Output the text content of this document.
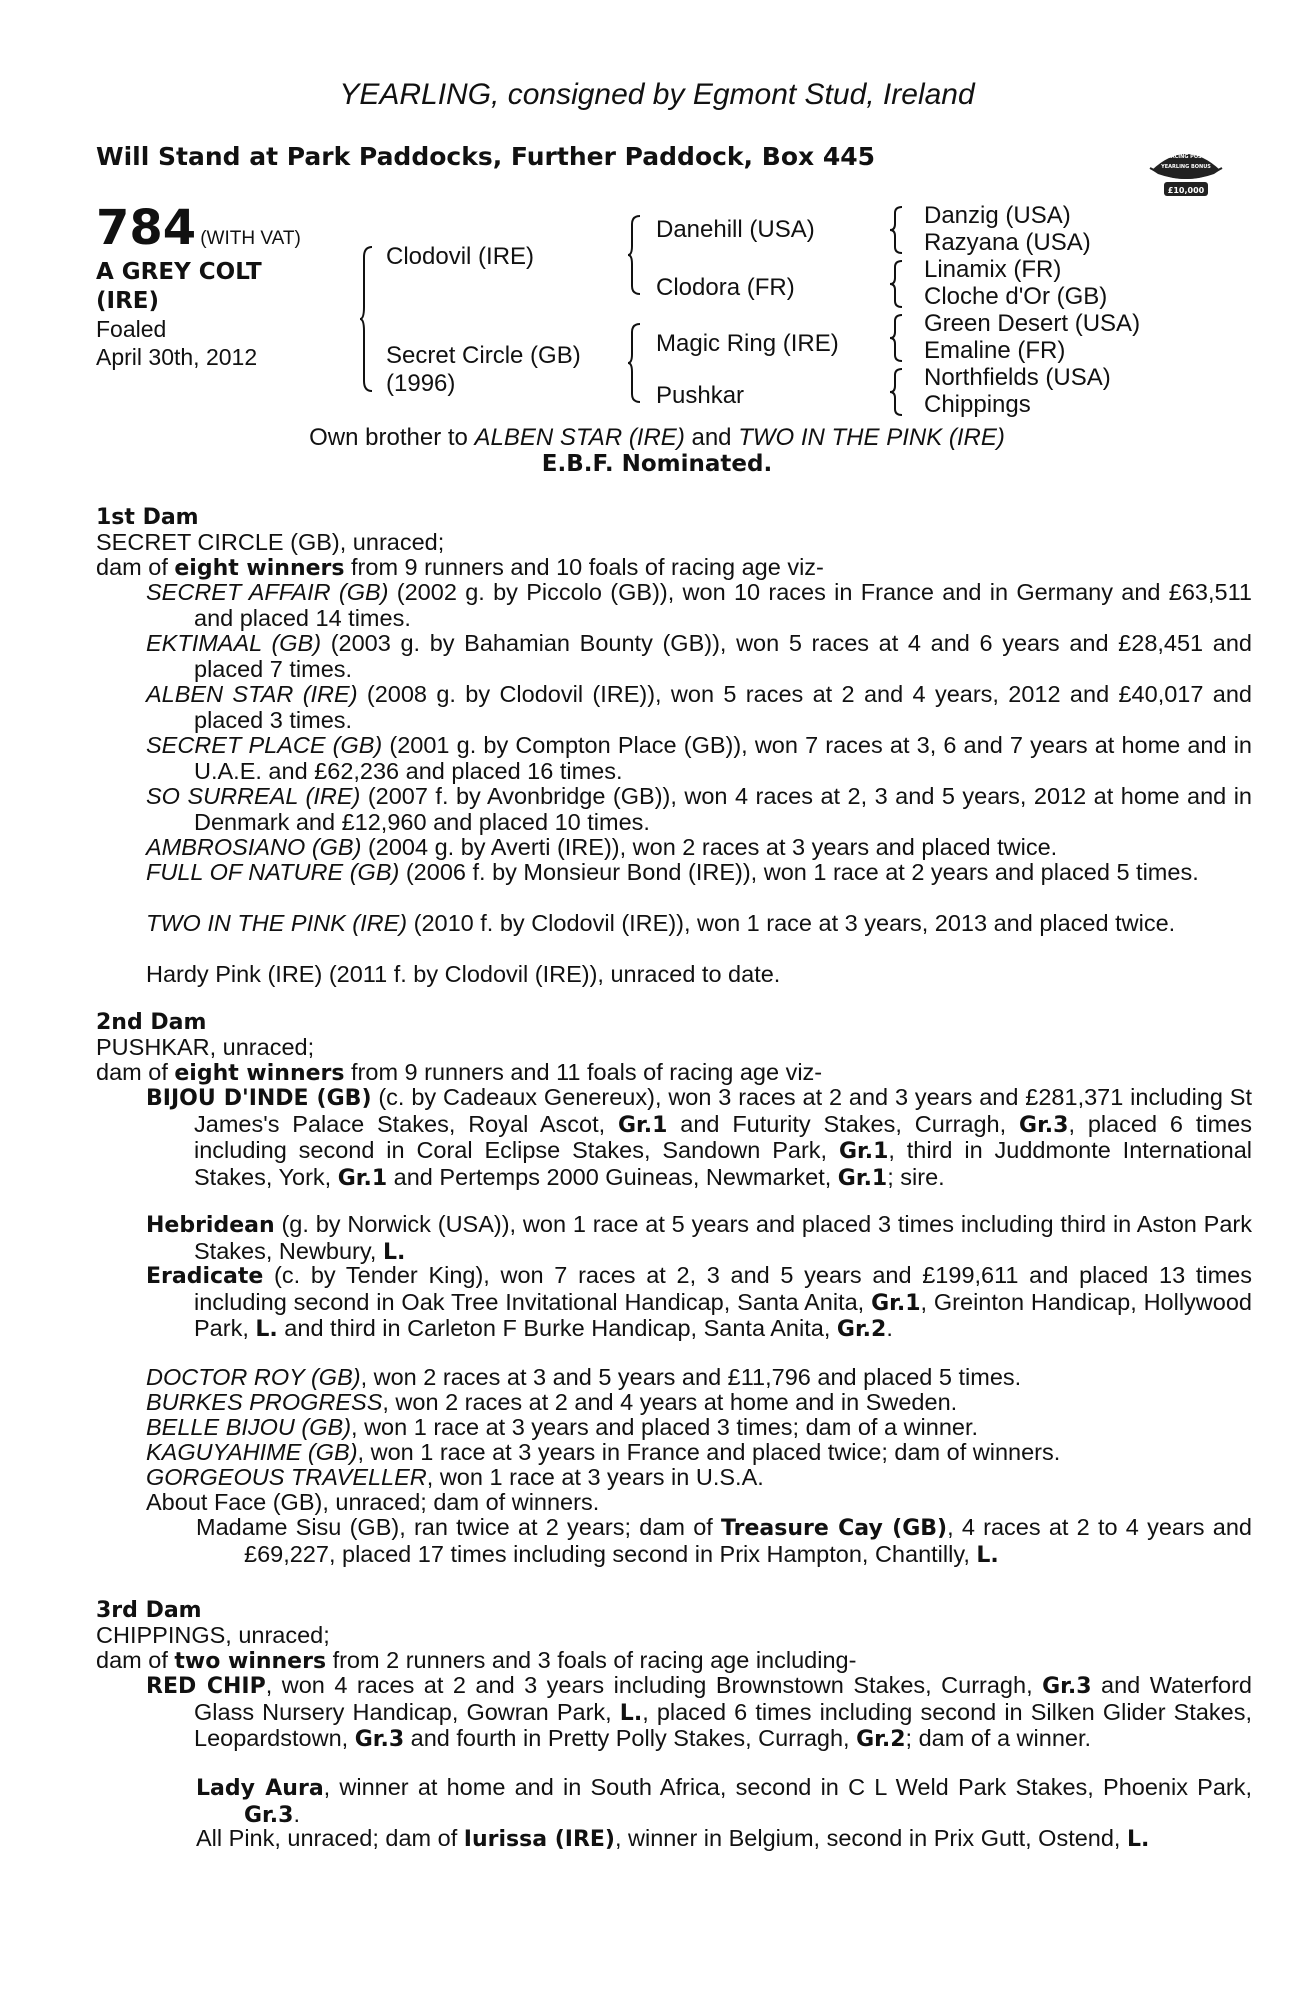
YEARLING, consigned by Egmont Stud, Ireland
Will Stand at Park Paddocks, Further Paddock, Box 445	RACING POST
YEARLING BONUS
£10,000
784 (WITH VAT)
A GREY COLT
(IRE)
Foaled
April 30th, 2012
Clodovil (IRE)
Secret Circle (GB)
(1996)
Danehill (USA)
Clodora (FR)
Magic Ring (IRE)
Pushkar
Danzig (USA)
Razyana (USA)
Linamix (FR)
Cloche d'Or (GB)
Green Desert (USA)
Emaline (FR)
Northfields (USA)
Chippings
Own brother to ALBEN STAR (IRE) and TWO IN THE PINK (IRE)
E.B.F. Nominated.
1st Dam
SECRET CIRCLE (GB), unraced;
dam of eight winners from 9 runners and 10 foals of racing age viz-
SECRET AFFAIR (GB) (2002 g. by Piccolo (GB)), won 10 races in France and in Germany and £63,511 and placed 14 times.
EKTIMAAL (GB) (2003 g. by Bahamian Bounty (GB)), won 5 races at 4 and 6 years and £28,451 and placed 7 times.
ALBEN STAR (IRE) (2008 g. by Clodovil (IRE)), won 5 races at 2 and 4 years, 2012 and £40,017 and placed 3 times.
SECRET PLACE (GB) (2001 g. by Compton Place (GB)), won 7 races at 3, 6 and 7 years at home and in U.A.E. and £62,236 and placed 16 times.
SO SURREAL (IRE) (2007 f. by Avonbridge (GB)), won 4 races at 2, 3 and 5 years, 2012 at home and in Denmark and £12,960 and placed 10 times.
AMBROSIANO (GB) (2004 g. by Averti (IRE)), won 2 races at 3 years and placed twice.
FULL OF NATURE (GB) (2006 f. by Monsieur Bond (IRE)), won 1 race at 2 years and placed 5 times.
TWO IN THE PINK (IRE) (2010 f. by Clodovil (IRE)), won 1 race at 3 years, 2013 and placed twice.
Hardy Pink (IRE) (2011 f. by Clodovil (IRE)), unraced to date.
2nd Dam
PUSHKAR, unraced;
dam of eight winners from 9 runners and 11 foals of racing age viz-
BIJOU D'INDE (GB) (c. by Cadeaux Genereux), won 3 races at 2 and 3 years and £281,371 including St James's Palace Stakes, Royal Ascot, Gr.1 and Futurity Stakes, Curragh, Gr.3, placed 6 times including second in Coral Eclipse Stakes, Sandown Park, Gr.1, third in Juddmonte International Stakes, York, Gr.1 and Pertemps 2000 Guineas, Newmarket, Gr.1; sire.
Hebridean (g. by Norwick (USA)), won 1 race at 5 years and placed 3 times including third in Aston Park Stakes, Newbury, L.
Eradicate (c. by Tender King), won 7 races at 2, 3 and 5 years and £199,611 and placed 13 times including second in Oak Tree Invitational Handicap, Santa Anita, Gr.1, Greinton Handicap, Hollywood Park, L. and third in Carleton F Burke Handicap, Santa Anita, Gr.2.
DOCTOR ROY (GB), won 2 races at 3 and 5 years and £11,796 and placed 5 times.
BURKES PROGRESS, won 2 races at 2 and 4 years at home and in Sweden.
BELLE BIJOU (GB), won 1 race at 3 years and placed 3 times; dam of a winner.
KAGUYAHIME (GB), won 1 race at 3 years in France and placed twice; dam of winners.
GORGEOUS TRAVELLER, won 1 race at 3 years in U.S.A.
About Face (GB), unraced; dam of winners.
Madame Sisu (GB), ran twice at 2 years; dam of Treasure Cay (GB), 4 races at 2 to 4 years and £69,227, placed 17 times including second in Prix Hampton, Chantilly, L.
3rd Dam
CHIPPINGS, unraced;
dam of two winners from 2 runners and 3 foals of racing age including-
RED CHIP, won 4 races at 2 and 3 years including Brownstown Stakes, Curragh, Gr.3 and Waterford Glass Nursery Handicap, Gowran Park, L., placed 6 times including second in Silken Glider Stakes, Leopardstown, Gr.3 and fourth in Pretty Polly Stakes, Curragh, Gr.2; dam of a winner.
Lady Aura, winner at home and in South Africa, second in C L Weld Park Stakes, Phoenix Park, Gr.3.
All Pink, unraced; dam of Iurissa (IRE), winner in Belgium, second in Prix Gutt, Ostend, L.
